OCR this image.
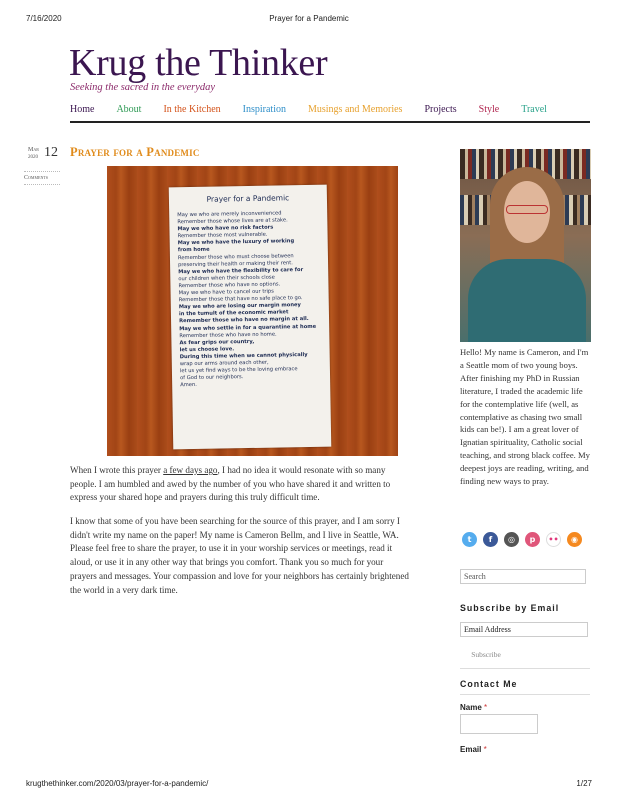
7/16/2020	Prayer for a Pandemic
Krug the Thinker

Seeking the sacred in the everyday

Home About In the Kitchen Inspiration Musings and Memories Projects Style Travel
Mar
2020 12
Comments
Prayer for a Pandemic
Prayer for a Pandemic
May we who are merely inconvenienced
Remember those whose lives are at stake.
May we who have no risk factors
Remember those most vulnerable.
May we who have the luxury of working
from home
Remember those who must choose between
preserving their health or making their rent.
May we who have the flexibility to care for
our children when their schools close
Remember those who have no options.
May we who have to cancel our trips
Remember those that have no safe place to go.
May we who are losing our margin money
in the tumult of the economic market
Remember those who have no margin at all.
May we who settle in for a quarantine at home
Remember those who have no home.
As fear grips our country,
let us choose love.
During this time when we cannot physically
wrap our arms around each other,
let us yet find ways to be the loving embrace
of God to our neighbors.
Amen.

When I wrote this prayer a few days ago, I had no idea it would resonate with so many people. I am humbled and awed by the number of you who have shared it and written to express your shared hope and prayers during this truly difficult time.

I know that some of you have been searching for the source of this prayer, and I am sorry I didn't write my name on the paper! My name is Cameron Bellm, and I live in Seattle, WA. Please feel free to share the prayer, to use it in your worship services or meetings, read it aloud, or use it in any other way that brings you comfort. Thank you so much for your prayers and messages. Your compassion and love for your neighbors has certainly brightened the world in a very dark time.

Hello! My name is Cameron, and I'm a Seattle mom of two young boys. After finishing my PhD in Russian literature, I traded the academic life for the contemplative life (well, as contemplative as chasing two small kids can be!). I am a great lover of Ignatian spirituality, Catholic social teaching, and strong black coffee. My deepest joys are reading, writing, and finding new ways to pray.

t	f	◎	p	••	◉
Search
Subscribe by Email
Email Address
Subscribe
Contact Me
Name *
Email *
krugthethinker.com/2020/03/prayer-for-a-pandemic/	1/27
